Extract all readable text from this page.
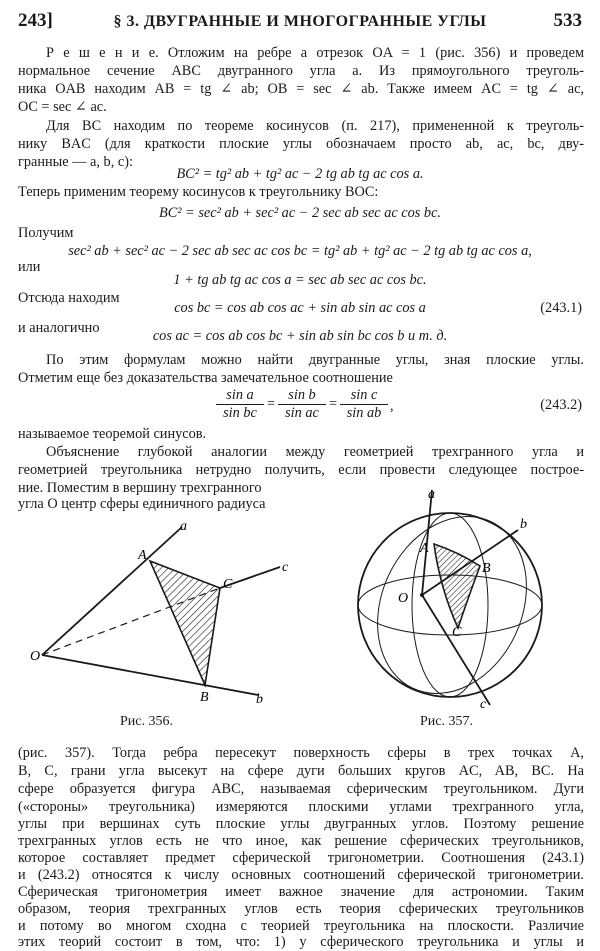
243]	§ 3. ДВУГРАННЫЕ И МНОГОГРАННЫЕ УГЛЫ	533
Р е ш е н и е. Отложим на ребре a отрезок OA = 1 (рис. 356) и проведем
нормальное сечение ABC двугранного угла a. Из прямоугольного треуголь-
ника OAB находим AB = tg ∠ ab; OB = sec ∠ ab. Также имеем AC = tg ∠ ac,
OC = sec ∠ ac.
Для BC находим по теореме косинусов (п. 217), примененной к треуголь-
нику BAC (для краткости плоские углы обозначаем просто ab, ac, bc, дву-
гранные — a, b, c):
BC² = tg² ab + tg² ac − 2 tg ab tg ac cos a.
Теперь применим теорему косинусов к треугольнику BOC:
BC² = sec² ab + sec² ac − 2 sec ab sec ac cos bc.
Получим
sec² ab + sec² ac − 2 sec ab sec ac cos bc = tg² ab + tg² ac − 2 tg ab tg ac cos a,
или
1 + tg ab tg ac cos a = sec ab sec ac cos bc.
Отсюда находим
cos bc = cos ab cos ac + sin ab sin ac cos a	(243.1)
и аналогично	cos ac = cos ab cos bc + sin ab sin bc cos b и т. д.
По этим формулам можно найти двугранные углы, зная плоские углы.
Отметим еще без доказательства замечательное соотношение
$\frac{\text{sin a}}{\text{sin bc}} = \frac{\text{sin b}}{\text{sin ac}} = \frac{\text{sin c}}{\text{sin ab}}$ ,	(243.2)
называемое теоремой синусов.
Объяснение глубокой аналогии между геометрией трехгранного угла и
геометрией треугольника нетрудно получить, если провести следующее построе-
ние. Поместим в вершину трехгранного
угла O центр сферы единичного радиуса
a
c
b
A
C
B
O
Рис. 356.
a
b
c
A
B
C
O
Рис. 357.
(рис. 357). Тогда ребра пересекут поверхность сферы в трех точках A,
B, C, грани угла высекут на сфере дуги больших кругов AC, AB, BC. На
сфере образуется фигура ABC, называемая сферическим треугольником. Дуги
(«стороны» треугольника) измеряются плоскими углами трехгранного угла,
углы при вершинах суть плоские углы двугранных углов. Поэтому решение
трехгранных углов есть не что иное, как решение сферических треугольников,
которое составляет предмет сферической тригонометрии. Соотношения (243.1)
и (243.2) относятся к числу основных соотношений сферической тригонометрии.
Сферическая тригонометрия имеет важное значение для астрономии. Таким
образом, теория трехгранных углов есть теория сферических треугольников
и потому во многом сходна с теорией треугольника на плоскости. Различие
этих теорий состоит в том, что: 1) у сферического треугольника и углы и
